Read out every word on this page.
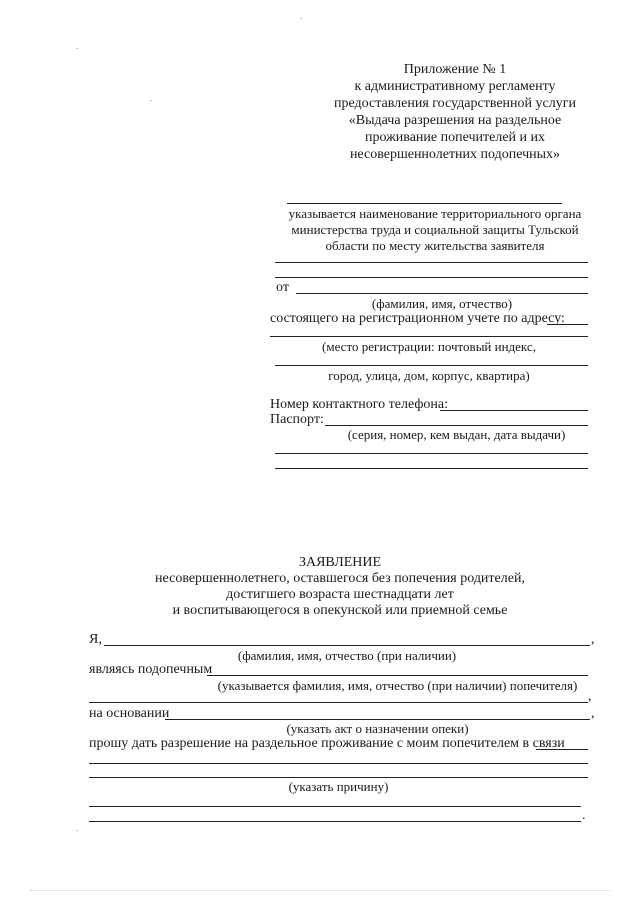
Приложение № 1
к административному регламенту
предоставления государственной услуги
«Выдача разрешения на раздельное
проживание попечителей и их
несовершеннолетних подопечных»
указывается наименование территориального органа
министерства труда и социальной защиты Тульской
области по месту жительства заявителя
от
(фамилия, имя, отчество)
состоящего на регистрационном учете по адресу:
(место регистрации: почтовый индекс,
город, улица, дом, корпус, квартира)
Номер контактного телефона:
Паспорт:
(серия, номер, кем выдан, дата выдачи)
ЗАЯВЛЕНИЕ
несовершеннолетнего, оставшегося без попечения родителей,
достигшего возраста шестнадцати лет
и воспитывающегося в опекунской или приемной семье
Я,	,
(фамилия, имя, отчество (при наличии)
являясь подопечным
(указывается фамилия, имя, отчество (при наличии) попечителя)
,
на основании	,
(указать акт о назначении опеки)
прошу дать разрешение на раздельное проживание с моим попечителем в связи
(указать причину)
.
